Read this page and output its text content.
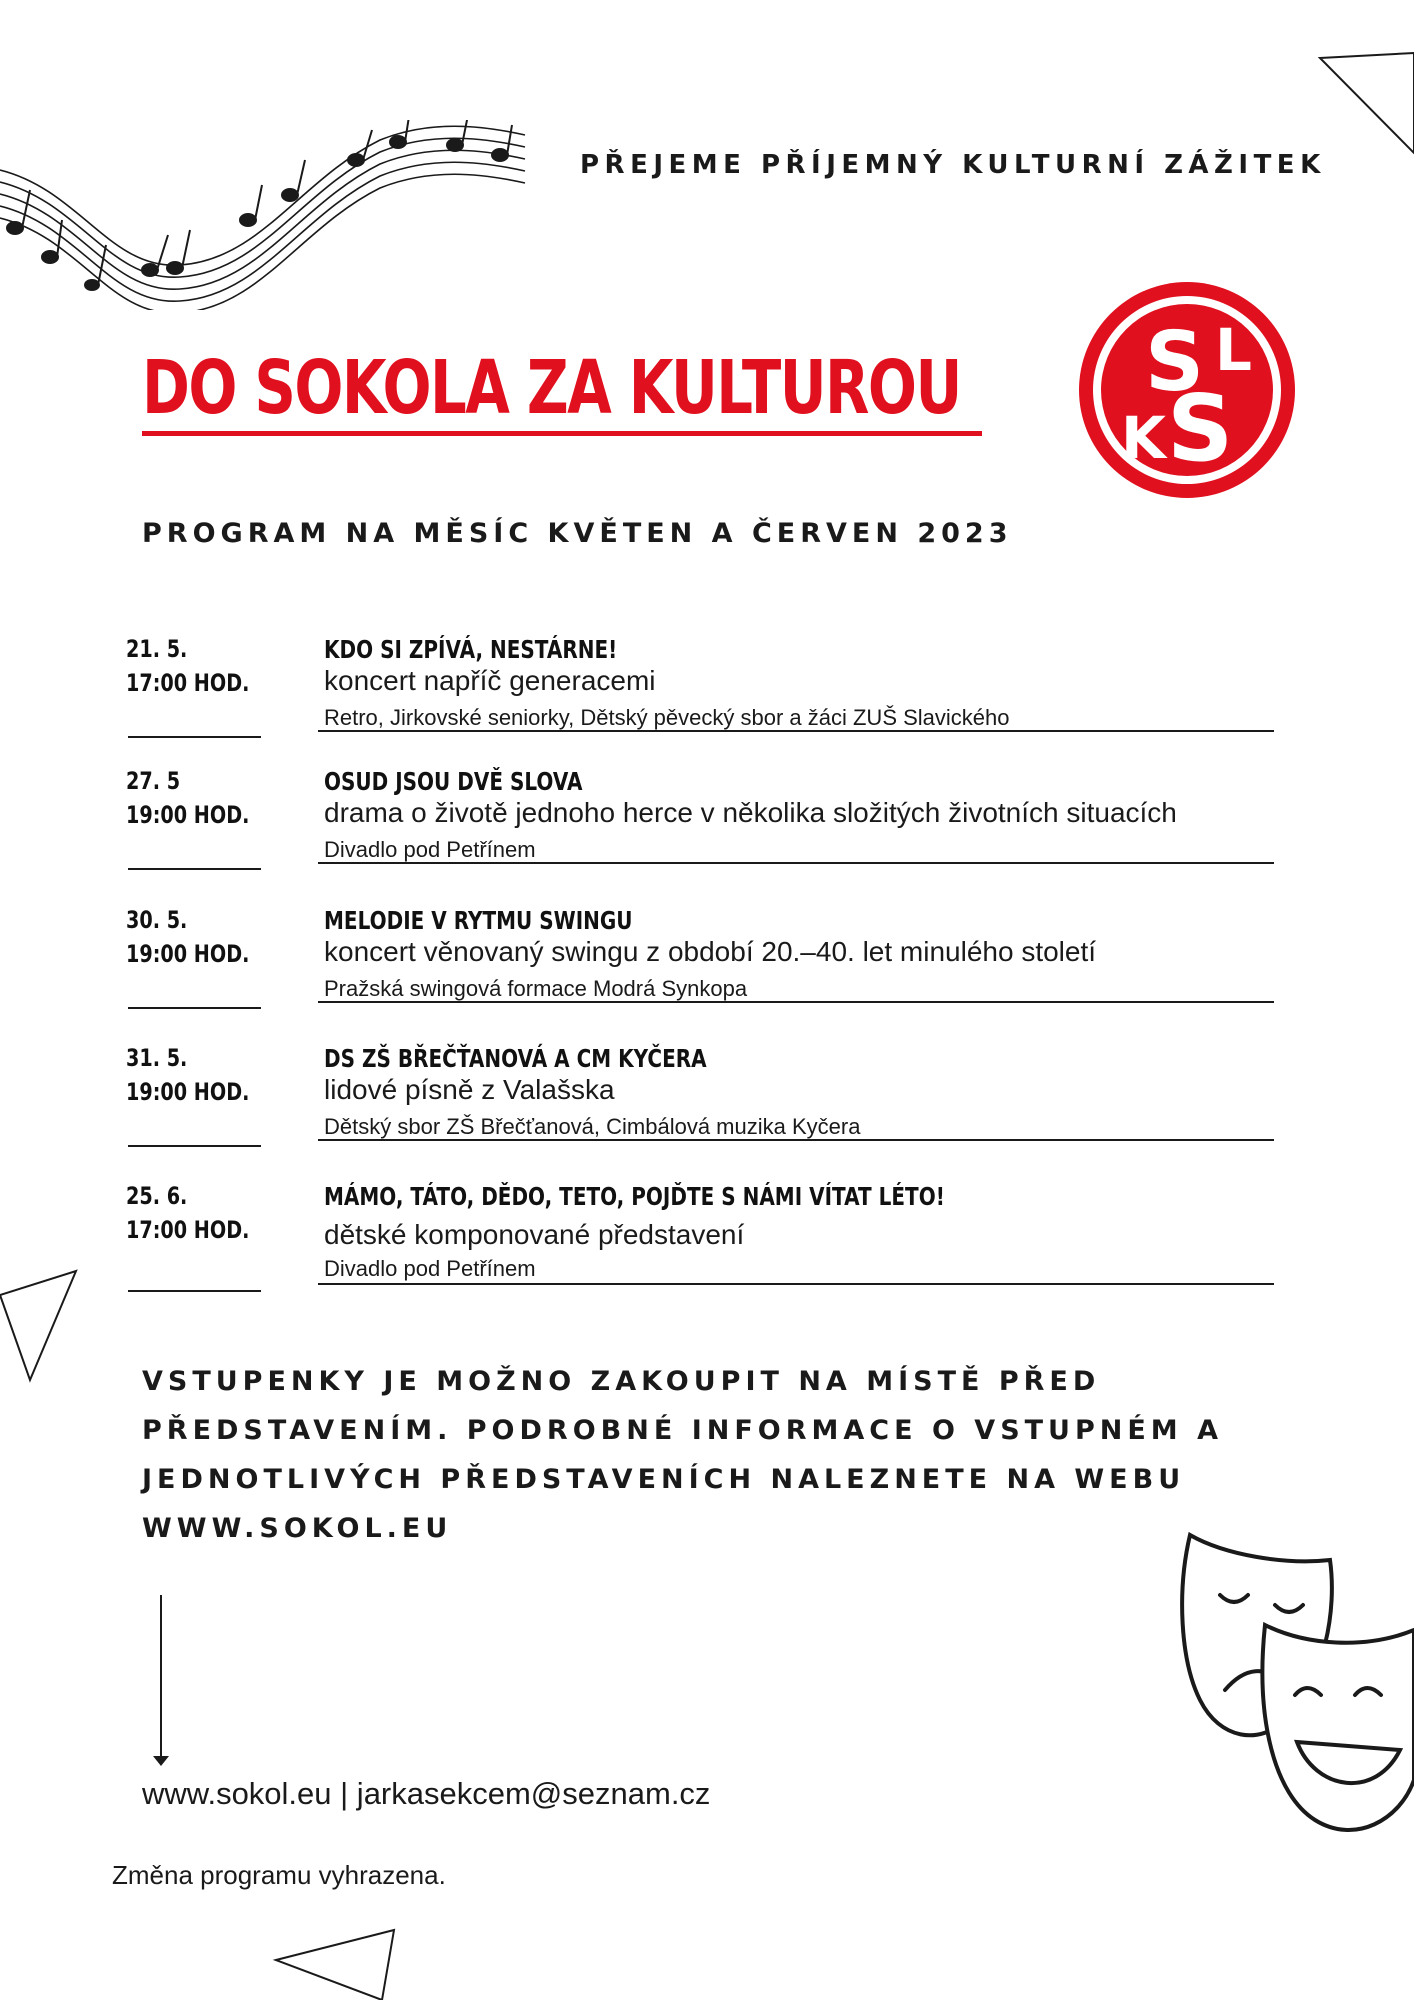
PŘEJEME PŘÍJEMNÝ KULTURNÍ ZÁŽITEK
DO SOKOLA ZA KULTUROU S L
K S
PROGRAM NA MĚSÍC KVĚTEN A ČERVEN 2023
21. 5.
17:00 HOD.
KDO SI ZPÍVÁ, NESTÁRNE!
koncert napříč generacemi
Retro, Jirkovské seniorky, Dětský pěvecký sbor a žáci ZUŠ Slavického
27. 5
19:00 HOD.
OSUD JSOU DVĚ SLOVA
drama o životě jednoho herce v několika složitých životních situacích
Divadlo pod Petřínem
30. 5.
19:00 HOD.
MELODIE V RYTMU SWINGU
koncert věnovaný swingu z období 20.–40. let minulého století
Pražská swingová formace Modrá Synkopa
31. 5.
19:00 HOD.
DS ZŠ BŘEČŤANOVÁ A CM KYČERA
lidové písně z Valašska
Dětský sbor ZŠ Břečťanová, Cimbálová muzika Kyčera
25. 6.
17:00 HOD.
MÁMO, TÁTO, DĚDO, TETO, POJĎTE S NÁMI VÍTAT LÉTO!
dětské komponované představení
Divadlo pod Petřínem
VSTUPENKY JE MOŽNO ZAKOUPIT NA MÍSTĚ PŘED
PŘEDSTAVENÍM. PODROBNÉ INFORMACE O VSTUPNÉM A
JEDNOTLIVÝCH PŘEDSTAVENÍCH NALEZNETE NA WEBU
WWW.SOKOL.EU
www.sokol.eu | jarkasekcem@seznam.cz
Změna programu vyhrazena.
